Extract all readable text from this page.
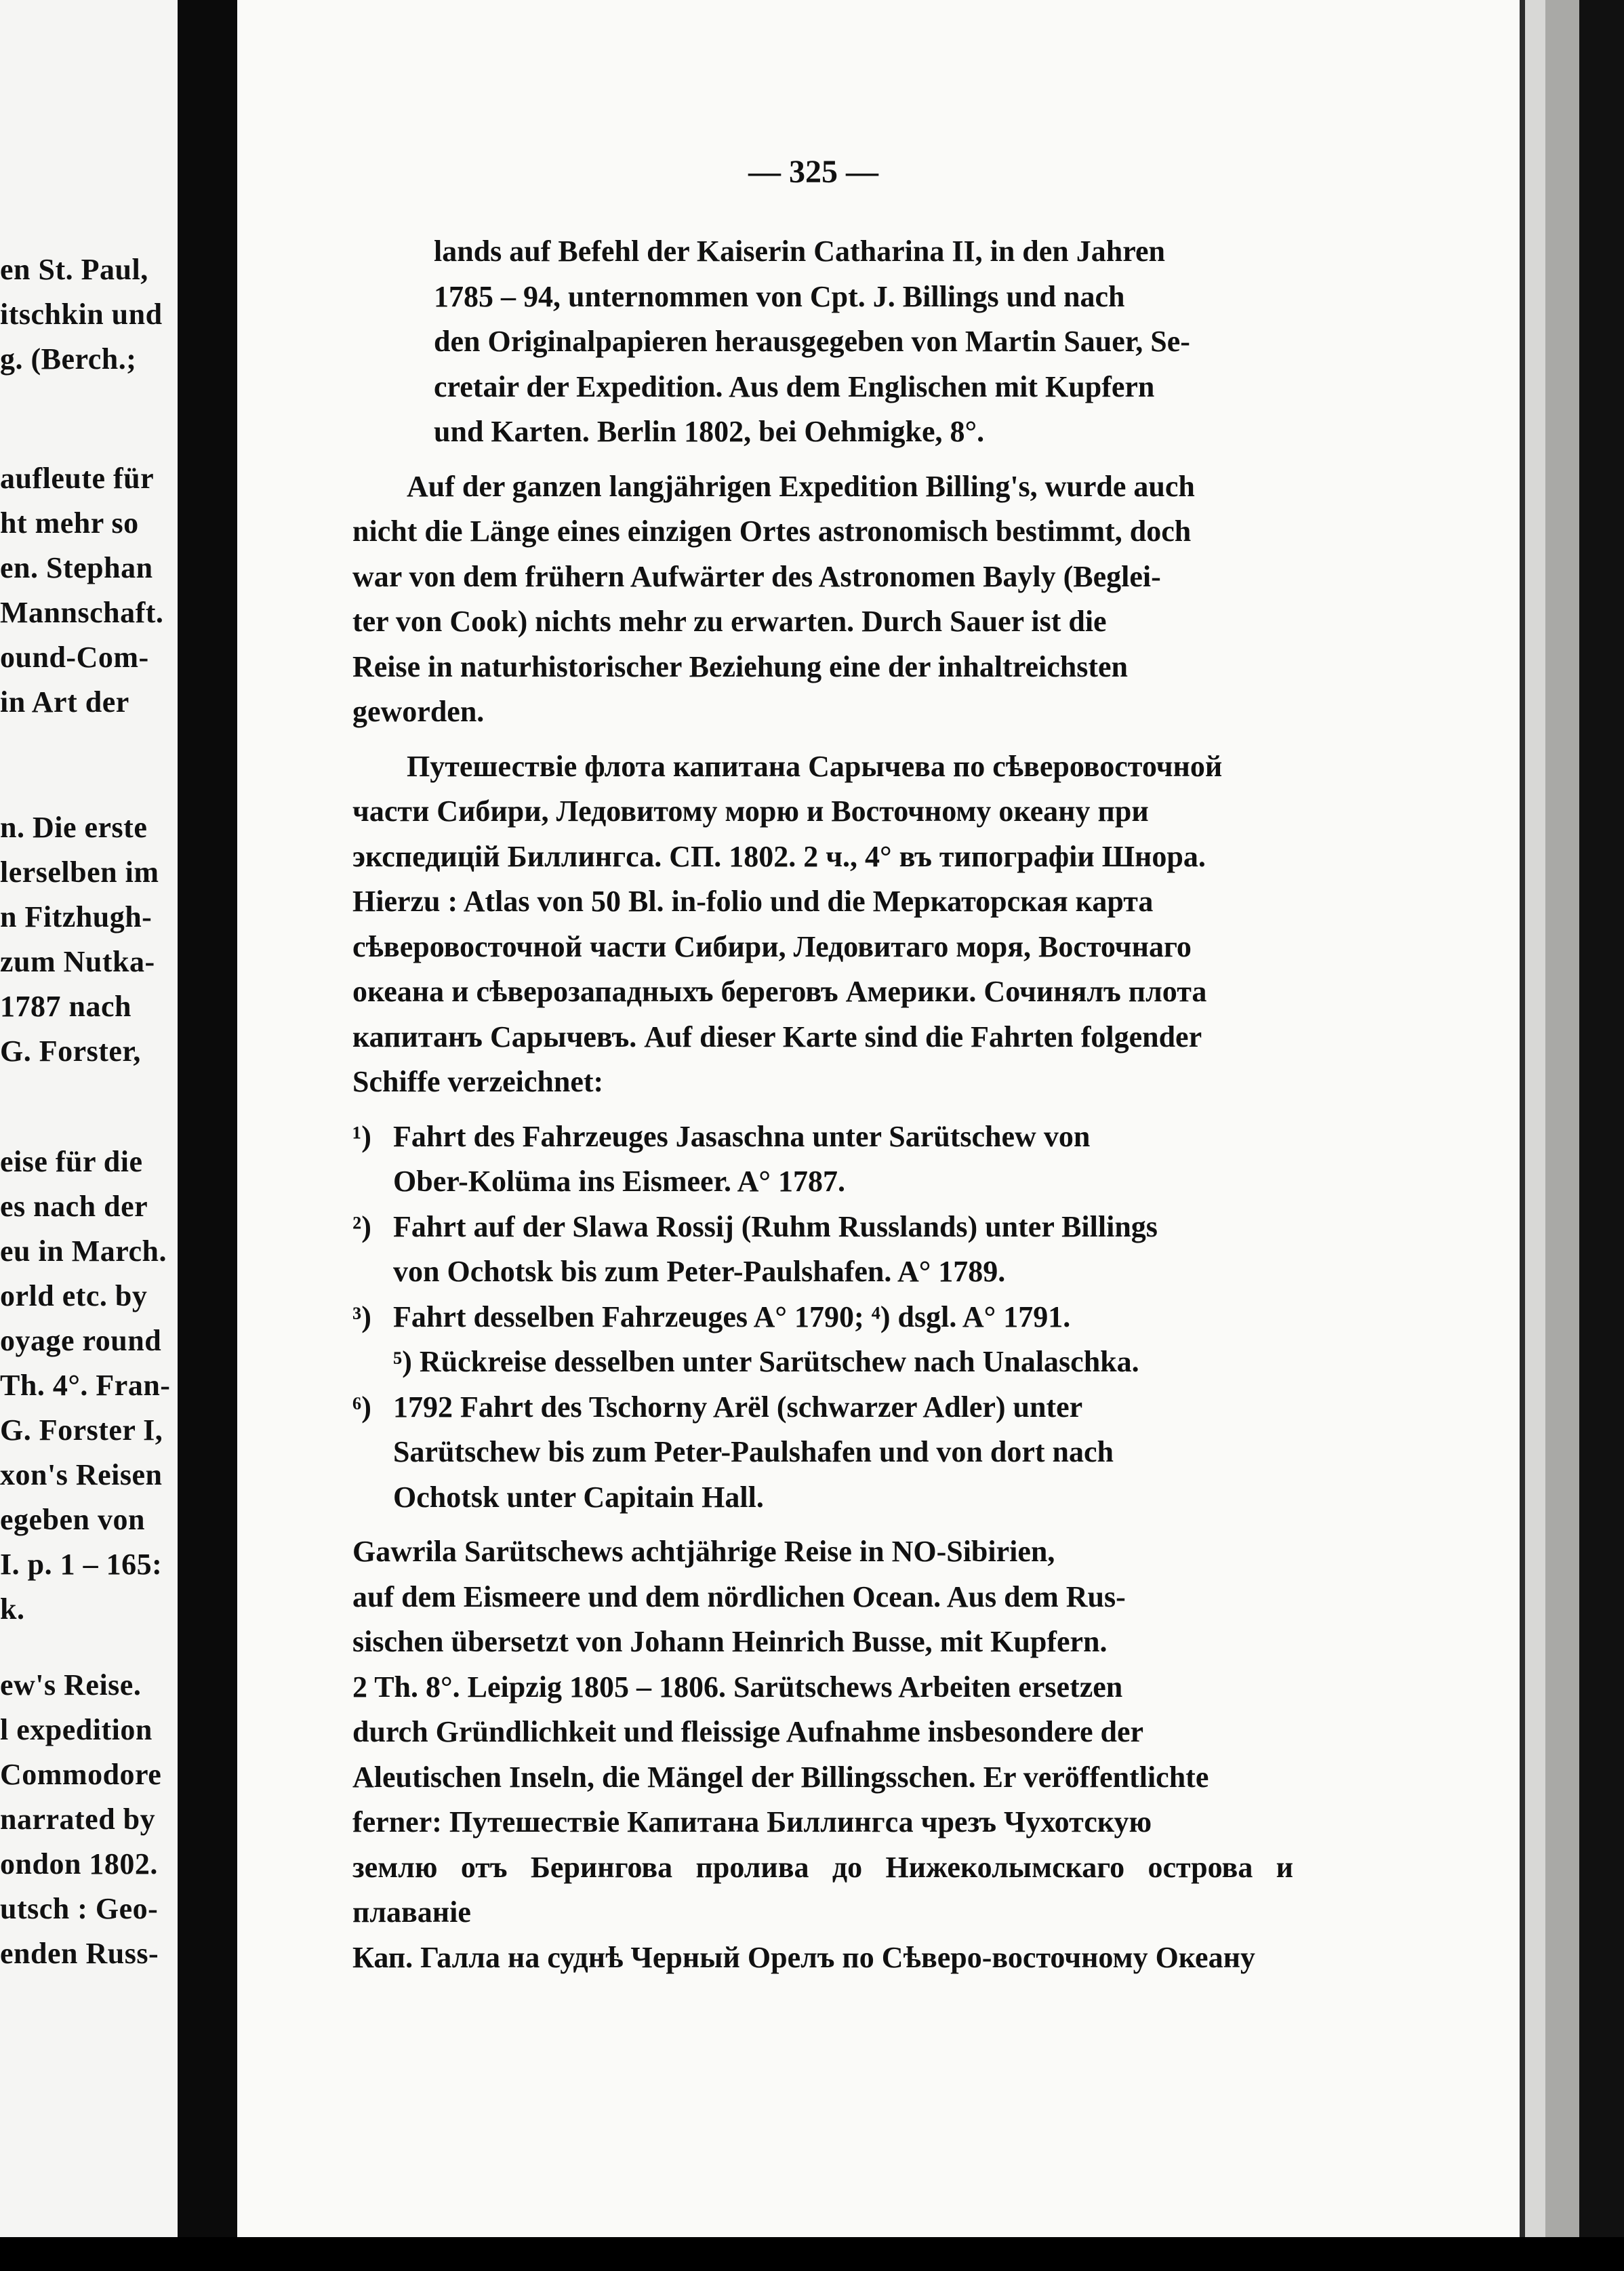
en St. Paul,
itschkin und
g. (Berch.;
aufleute für
ht mehr so
en. Stephan
Mannschaft.
ound-Com-
in Art der
n. Die erste
lerselben im
n Fitzhugh-
zum Nutka-
1787 nach
G. Forster,
eise für die
es nach der
eu in March.
orld etc. by
oyage round
Th. 4°. Fran-
G. Forster I,
xon's Reisen
egeben von
I. p. 1 – 165:
k.
ew's Reise.
l expedition
Commodore
narrated by
ondon 1802.
utsch : Geo-
enden Russ-
— 325 —
lands auf Befehl der Kaiserin Catharina II, in den Jahren
1785 – 94, unternommen von Cpt. J. Billings und nach
den Originalpapieren herausgegeben von Martin Sauer, Se-
cretair der Expedition. Aus dem Englischen mit Kupfern
und Karten. Berlin 1802, bei Oehmigke, 8°.
Auf der ganzen langjährigen Expedition Billing's, wurde auch
nicht die Länge eines einzigen Ortes astronomisch bestimmt, doch
war von dem frühern Aufwärter des Astronomen Bayly (Beglei-
ter von Cook) nichts mehr zu erwarten. Durch Sauer ist die
Reise in naturhistorischer Beziehung eine der inhaltreichsten
geworden.
Путешествіе флота капитана Сарычева по сѣверовосточной
части Сибири, Ледовитому морю и Восточному океану при
экспедицій Биллингса. СП. 1802. 2 ч., 4° въ типографіи Шнора.
Hierzu : Atlas von 50 Bl. in-folio und die Меркаторская карта
сѣверовосточной части Сибири, Ледовитаго моря, Восточнаго
океана и сѣверозападныхъ береговъ Америки. Сочинялъ плота
капитанъ Сарычевъ. Auf dieser Karte sind die Fahrten folgender
Schiffe verzeichnet:
¹) Fahrt des Fahrzeuges Jasaschna unter Sarütschew von
Ober-Kolüma ins Eismeer. A° 1787.
²) Fahrt auf der Slawa Rossij (Ruhm Russlands) unter Billings
von Ochotsk bis zum Peter-Paulshafen. A° 1789.
³) Fahrt desselben Fahrzeuges A° 1790; ⁴) dsgl. A° 1791.
⁵) Rückreise desselben unter Sarütschew nach Unalaschka.
⁶) 1792 Fahrt des Tschorny Arël (schwarzer Adler) unter
Sarütschew bis zum Peter-Paulshafen und von dort nach
Ochotsk unter Capitain Hall.
Gawrila Sarütschews achtjährige Reise in NO-Sibirien,
auf dem Eismeere und dem nördlichen Ocean. Aus dem Rus-
sischen übersetzt von Johann Heinrich Busse, mit Kupfern.
2 Th. 8°. Leipzig 1805 – 1806. Sarütschews Arbeiten ersetzen
durch Gründlichkeit und fleissige Aufnahme insbesondere der
Aleutischen Inseln, die Mängel der Billingsschen. Er veröffentlichte
ferner: Путешествіе Капитана Биллингса чрезъ Чухотскую
землю отъ Берингова пролива до Нижеколымскаго острова и плаваніе
Кап. Галла на суднѣ Черный Орелъ по Сѣверо-восточному Океану
